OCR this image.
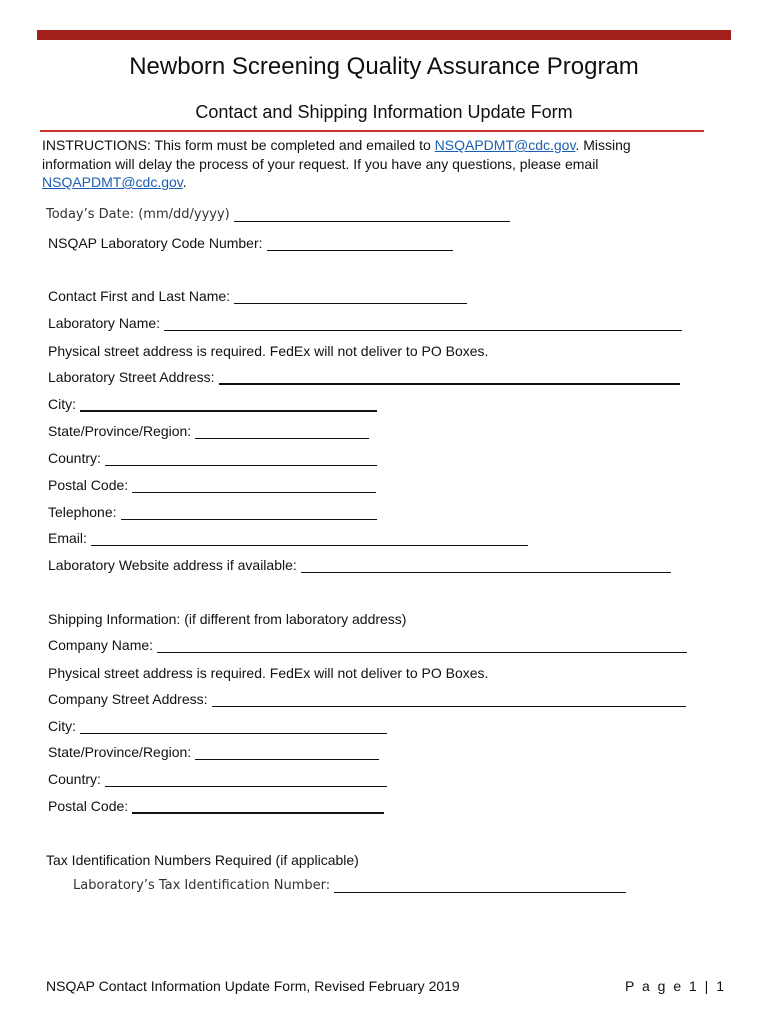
Newborn Screening Quality Assurance Program
Contact and Shipping Information Update Form
INSTRUCTIONS: This form must be completed and emailed to NSQAPDMT@cdc.gov. Missing information will delay the process of your request. If you have any questions, please email NSQAPDMT@cdc.gov.
Today’s Date: (mm/dd/yyyy)
NSQAP Laboratory Code Number:
Contact First and Last Name:
Laboratory Name:
Physical street address is required. FedEx will not deliver to PO Boxes.
Laboratory Street Address:
City:
State/Province/Region:
Country:
Postal Code:
Telephone:
Email:
Laboratory Website address if available:
Shipping Information: (if different from laboratory address)
Company Name:
Physical street address is required. FedEx will not deliver to PO Boxes.
Company Street Address:
City:
State/Province/Region:
Country:
Postal Code:
Tax Identification Numbers Required (if applicable)
Laboratory’s Tax Identification Number:
NSQAP Contact Information Update Form, Revised February 2019	P a g e 1 | 1
